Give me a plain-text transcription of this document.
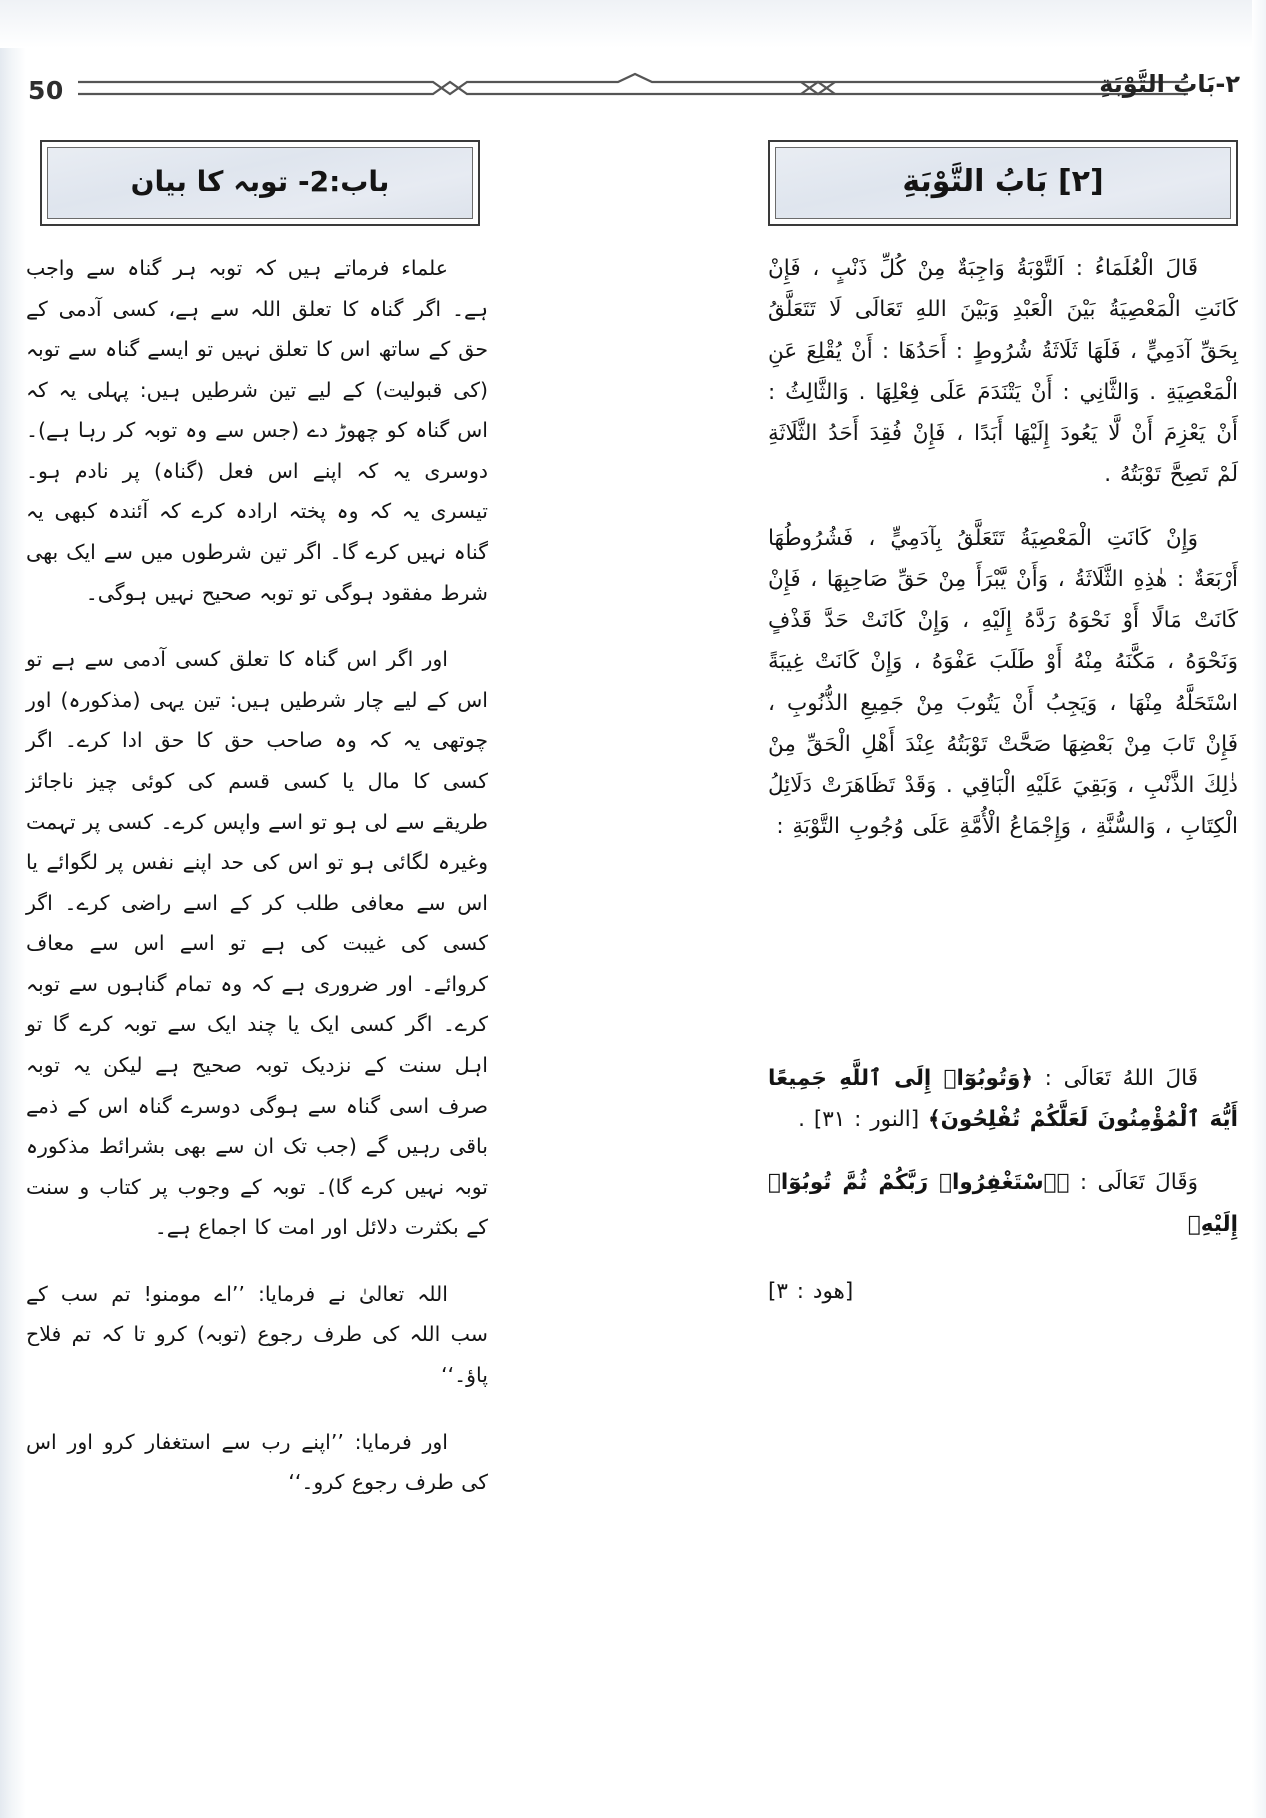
50	٢-بَابُ التَّوْبَةِ
[٢] بَابُ التَّوْبَةِ
باب:2- توبہ کا بیان

قَالَ الْعُلَمَاءُ : اَلتَّوْبَةُ وَاجِبَةٌ مِنْ كُلِّ ذَنْبٍ ، فَإِنْ كَانَتِ الْمَعْصِيَةُ بَيْنَ الْعَبْدِ وَبَيْنَ اللهِ تَعَالَى لَا تَتَعَلَّقُ بِحَقِّ آدَمِيٍّ ، فَلَهَا ثَلَاثَةُ شُرُوطٍ : أَحَدُهَا : أَنْ يُقْلِعَ عَنِ الْمَعْصِيَةِ . وَالثَّانِي : أَنْ يَتْنَدَمَ عَلَى فِعْلِهَا . وَالثَّالِثُ : أَنْ يَعْزِمَ أَنْ لَّا يَعُودَ إِلَيْهَا أَبَدًا ، فَإِنْ فُقِدَ أَحَدُ الثَّلَاثَةِ لَمْ تَصِحَّ تَوْبَتُهُ .

وَإِنْ كَانَتِ الْمَعْصِيَةُ تَتَعَلَّقُ بِآدَمِيٍّ ، فَشُرُوطُهَا أَرْبَعَةٌ : هٰذِهِ الثَّلَاثَةُ ، وَأَنْ يَّبْرَأَ مِنْ حَقِّ صَاحِبِهَا ، فَإِنْ كَانَتْ مَالًا أَوْ نَحْوَهُ رَدَّهُ إِلَيْهِ ، وَإِنْ كَانَتْ حَدَّ قَذْفٍ وَنَحْوَهُ ، مَكَّنَهُ مِنْهُ أَوْ طَلَبَ عَفْوَهُ ، وَإِنْ كَانَتْ غِيبَةً اسْتَحَلَّهُ مِنْهَا ، وَيَجِبُ أَنْ يَتُوبَ مِنْ جَمِيعِ الذُّنُوبِ ، فَإِنْ تَابَ مِنْ بَعْضِهَا صَحَّتْ تَوْبَتُهُ عِنْدَ أَهْلِ الْحَقِّ مِنْ ذٰلِكَ الذَّنْبِ ، وَبَقِيَ عَلَيْهِ الْبَاقِي . وَقَدْ تَظَاهَرَتْ دَلَائِلُ الْكِتَابِ ، وَالسُّنَّةِ ، وَإِجْمَاعُ الْأُمَّةِ عَلَى وُجُوبِ التَّوْبَةِ :

قَالَ اللهُ تَعَالَى : ﴿وَتُوبُوٓا۟ إِلَى ٱللَّهِ جَمِيعًا أَيُّهَ ٱلْمُؤْمِنُونَ لَعَلَّكُمْ تُفْلِحُونَ﴾ [النور : ٣١] .

وَقَالَ تَعَالَى : ﴿ٱسْتَغْفِرُوا۟ رَبَّكُمْ ثُمَّ تُوبُوٓا۟ إِلَيْهِ﴾

[هود : ٣]

علماء فرماتے ہیں کہ توبہ ہر گناہ سے واجب ہے۔ اگر گناہ کا تعلق اللہ سے ہے، کسی آدمی کے حق کے ساتھ اس کا تعلق نہیں تو ایسے گناہ سے توبہ (کی قبولیت) کے لیے تین شرطیں ہیں: پہلی یہ کہ اس گناہ کو چھوڑ دے (جس سے وہ توبہ کر رہا ہے)۔ دوسری یہ کہ اپنے اس فعل (گناہ) پر نادم ہو۔ تیسری یہ کہ وہ پختہ ارادہ کرے کہ آئندہ کبھی یہ گناہ نہیں کرے گا۔ اگر تین شرطوں میں سے ایک بھی شرط مفقود ہوگی تو توبہ صحیح نہیں ہوگی۔

اور اگر اس گناہ کا تعلق کسی آدمی سے ہے تو اس کے لیے چار شرطیں ہیں: تین یہی (مذکورہ) اور چوتھی یہ کہ وہ صاحب حق کا حق ادا کرے۔ اگر کسی کا مال یا کسی قسم کی کوئی چیز ناجائز طریقے سے لی ہو تو اسے واپس کرے۔ کسی پر تہمت وغیرہ لگائی ہو تو اس کی حد اپنے نفس پر لگوائے یا اس سے معافی طلب کر کے اسے راضی کرے۔ اگر کسی کی غیبت کی ہے تو اسے اس سے معاف کروائے۔ اور ضروری ہے کہ وہ تمام گناہوں سے توبہ کرے۔ اگر کسی ایک یا چند ایک سے توبہ کرے گا تو اہل سنت کے نزدیک توبہ صحیح ہے لیکن یہ توبہ صرف اسی گناہ سے ہوگی دوسرے گناہ اس کے ذمے باقی رہیں گے (جب تک ان سے بھی بشرائط مذکورہ توبہ نہیں کرے گا)۔ توبہ کے وجوب پر کتاب و سنت کے بکثرت دلائل اور امت کا اجماع ہے۔

اللہ تعالیٰ نے فرمایا: ’’اے مومنو! تم سب کے سب اللہ کی طرف رجوع (توبہ) کرو تا کہ تم فلاح پاؤ۔‘‘

اور فرمایا: ’’اپنے رب سے استغفار کرو اور اس کی طرف رجوع کرو۔‘‘
